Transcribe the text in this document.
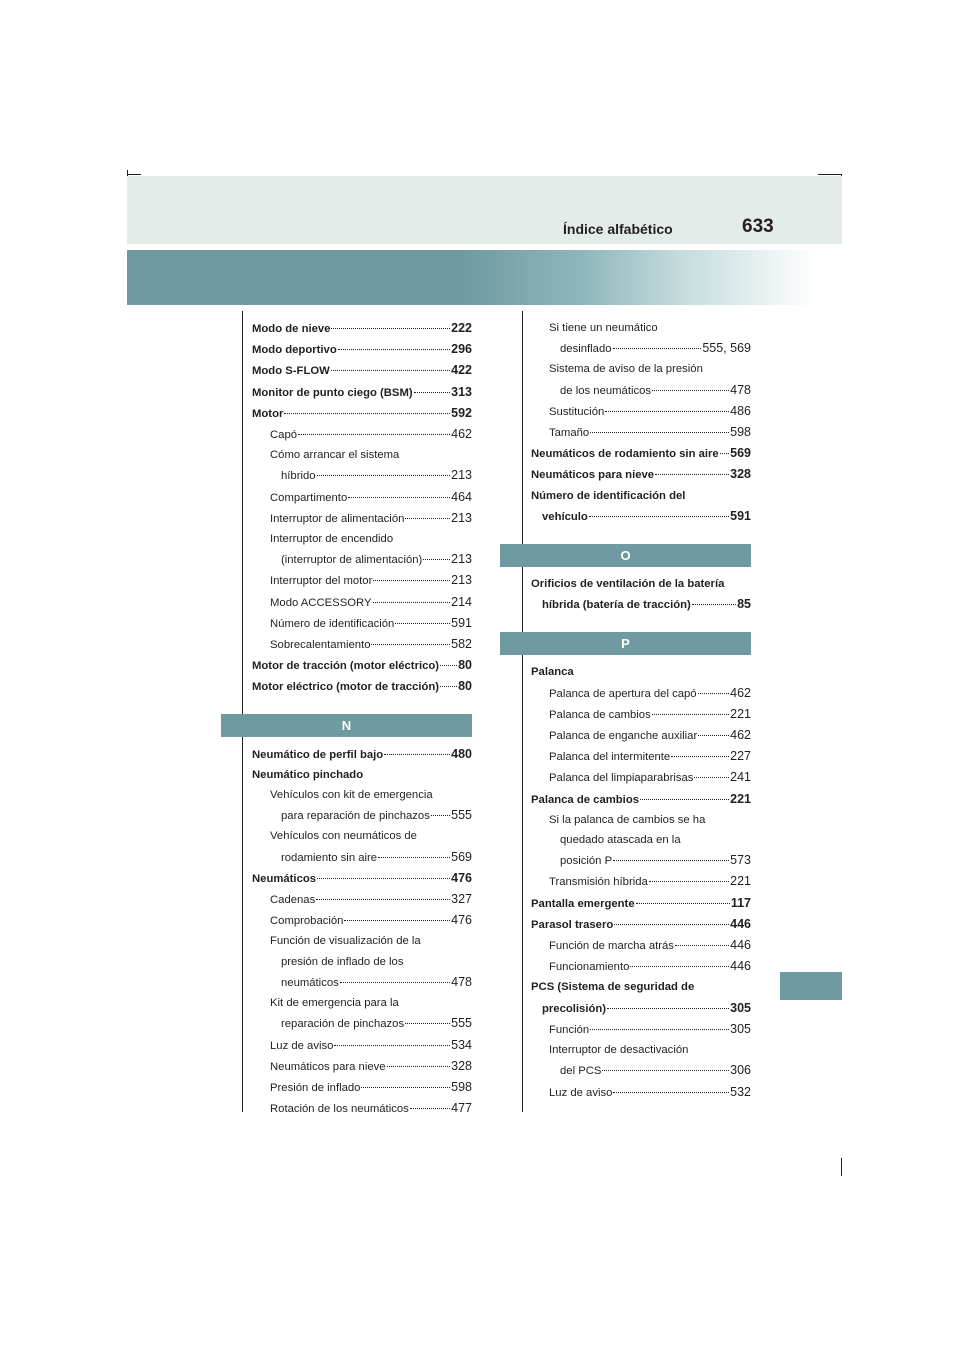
Índice alfabético	633
Modo de nieve	222
Modo deportivo	296
Modo S-FLOW	422
Monitor de punto ciego (BSM)	313
Motor	592
Capó	462
Cómo arrancar el sistema
híbrido	213
Compartimento	464
Interruptor de alimentación	213
Interruptor de encendido
(interruptor de alimentación) 213
Interruptor del motor	213
Modo ACCESSORY	214
Número de identificación	591
Sobrecalentamiento	582
Motor de tracción (motor eléctrico) 80
Motor eléctrico (motor de tracción) 80
N
Neumático de perfil bajo	480
Neumático pinchado
Vehículos con kit de emergencia
para reparación de pinchazos 555
Vehículos con neumáticos de
rodamiento sin aire	569
Neumáticos	476
Cadenas	327
Comprobación	476
Función de visualización de la
presión de inflado de los
neumáticos	478
Kit de emergencia para la
reparación de pinchazos	555
Luz de aviso	534
Neumáticos para nieve	328
Presión de inflado	598
Rotación de los neumáticos	477
Si tiene un neumático
desinflado	555, 569
Sistema de aviso de la presión
de los neumáticos	478
Sustitución	486
Tamaño	598
Neumáticos de rodamiento sin aire 569
Neumáticos para nieve	328
Número de identificación del
vehículo	591
O
Orificios de ventilación de la batería
híbrida (batería de tracción)	85
P
Palanca
Palanca de apertura del capó	462
Palanca de cambios	221
Palanca de enganche auxiliar	462
Palanca del intermitente	227
Palanca del limpiaparabrisas	241
Palanca de cambios	221
Si la palanca de cambios se ha
quedado atascada en la
posición P	573
Transmisión híbrida	221
Pantalla emergente	117
Parasol trasero	446
Función de marcha atrás	446
Funcionamiento	446
PCS (Sistema de seguridad de
precolisión)	305
Función	305
Interruptor de desactivación
del PCS	306
Luz de aviso	532
